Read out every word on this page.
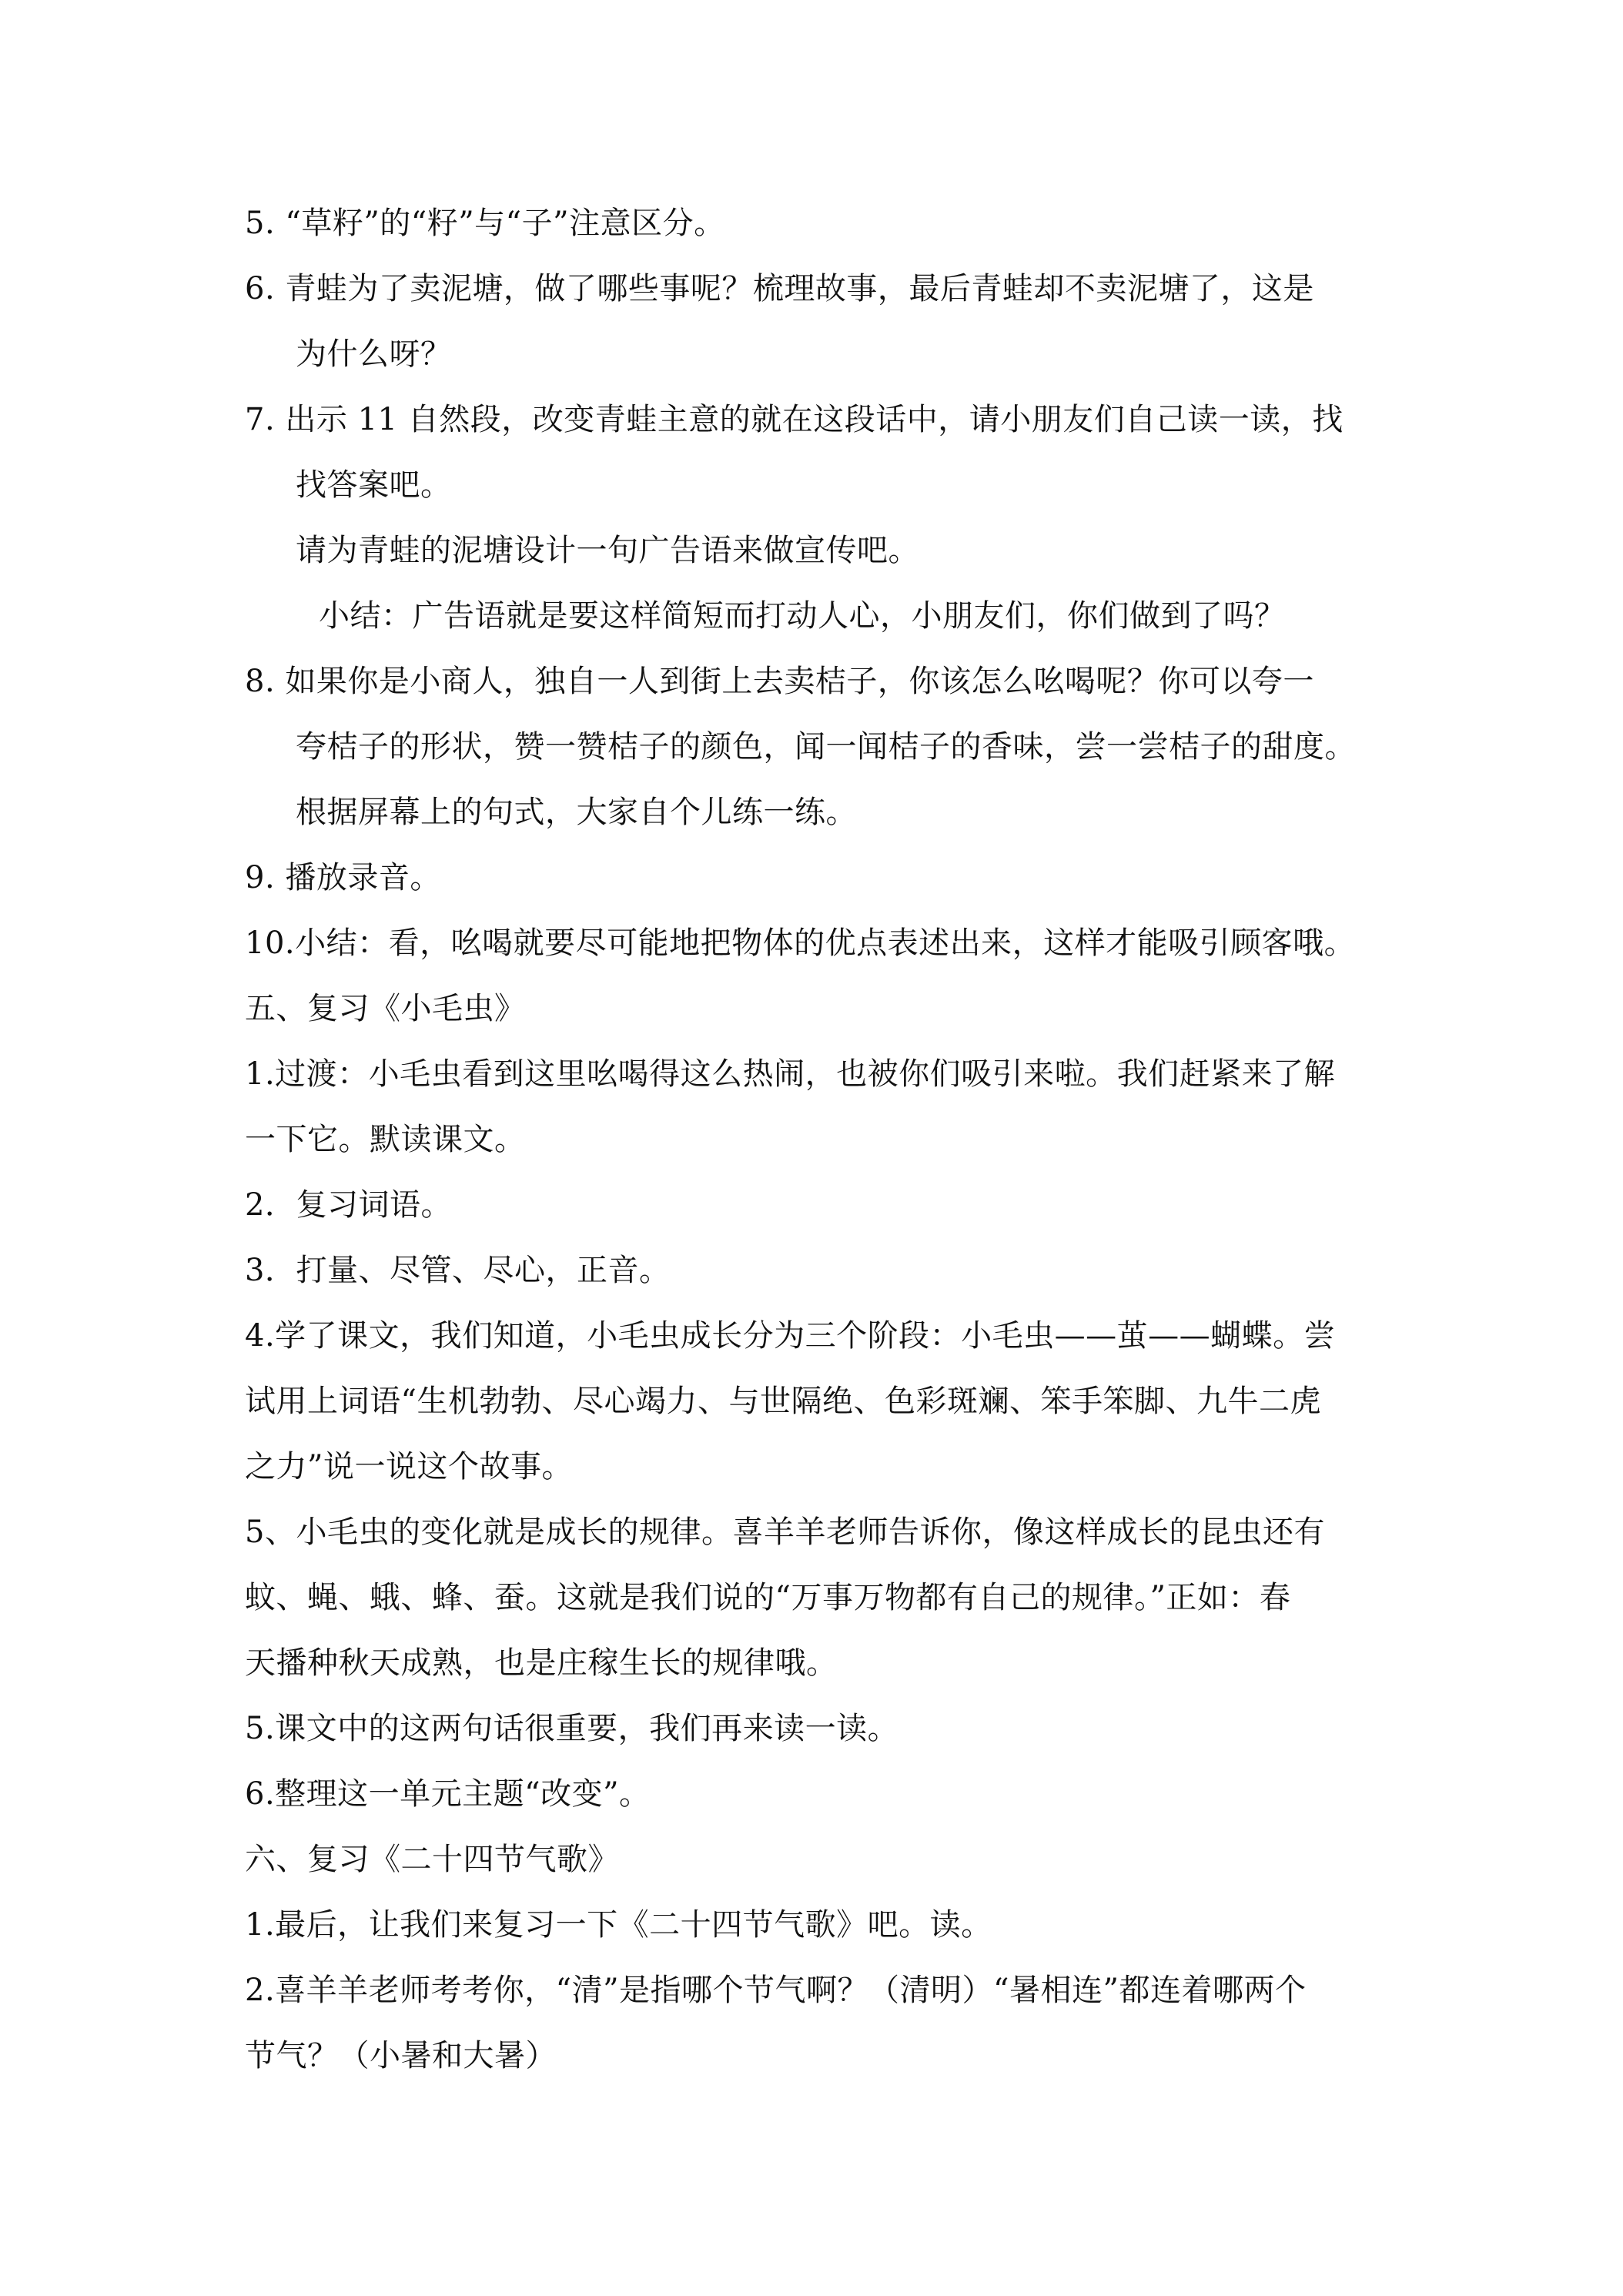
5. “草籽”的“籽”与“子”注意区分。
6. 青蛙为了卖泥塘，做了哪些事呢？梳理故事，最后青蛙却不卖泥塘了，这是
为什么呀？
7. 出示 11 自然段，改变青蛙主意的就在这段话中，请小朋友们自己读一读，找
找答案吧。
请为青蛙的泥塘设计一句广告语来做宣传吧。
小结：广告语就是要这样简短而打动人心，小朋友们，你们做到了吗？
8. 如果你是小商人，独自一人到街上去卖桔子，你该怎么吆喝呢？你可以夸一
夸桔子的形状，赞一赞桔子的颜色，闻一闻桔子的香味，尝一尝桔子的甜度。
根据屏幕上的句式，大家自个儿练一练。
9. 播放录音。
10.小结：看，吆喝就要尽可能地把物体的优点表述出来，这样才能吸引顾客哦。
五、复习《小毛虫》
1.过渡：小毛虫看到这里吆喝得这么热闹，也被你们吸引来啦。我们赶紧来了解
一下它。默读课文。
2．复习词语。
3．打量、尽管、尽心，正音。
4.学了课文，我们知道，小毛虫成长分为三个阶段：小毛虫——茧——蝴蝶。尝
试用上词语“生机勃勃、尽心竭力、与世隔绝、色彩斑斓、笨手笨脚、九牛二虎
之力”说一说这个故事。
5、小毛虫的变化就是成长的规律。喜羊羊老师告诉你，像这样成长的昆虫还有
蚊、蝇、蛾、蜂、蚕。这就是我们说的“万事万物都有自己的规律。”正如：春
天播种秋天成熟，也是庄稼生长的规律哦。
5.课文中的这两句话很重要，我们再来读一读。
6.整理这一单元主题“改变”。
六、复习《二十四节气歌》
1.最后，让我们来复习一下《二十四节气歌》吧。读。
2.喜羊羊老师考考你，“清”是指哪个节气啊？（清明）“暑相连”都连着哪两个
节气？（小暑和大暑）
